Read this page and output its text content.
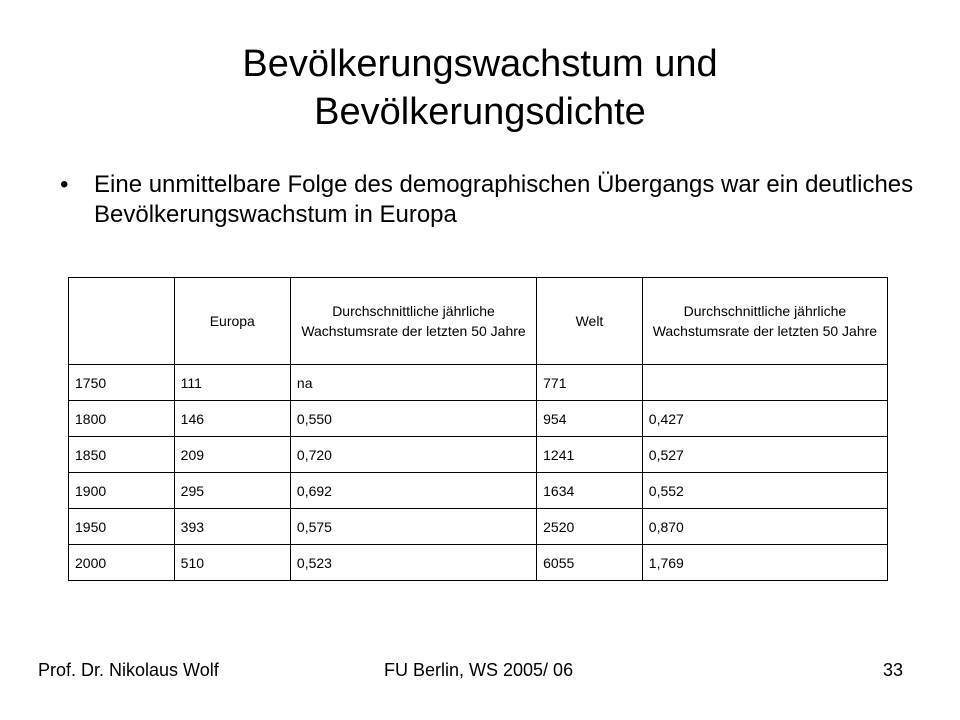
Bevölkerungswachstum und
Bevölkerungsdichte
• Eine unmittelbare Folge des demographischen Übergangs war ein deutliches Bevölkerungswachstum in Europa
	Europa	Durchschnittliche jährliche Wachstumsrate der letzten 50 Jahre	Welt	Durchschnittliche jährliche Wachstumsrate der letzten 50 Jahre
1750	111	na	771	
1800	146	0,550	954	0,427
1850	209	0,720	1241	0,527
1900	295	0,692	1634	0,552
1950	393	0,575	2520	0,870
2000	510	0,523	6055	1,769
Prof. Dr. Nikolaus Wolf	FU Berlin, WS 2005/ 06	33
